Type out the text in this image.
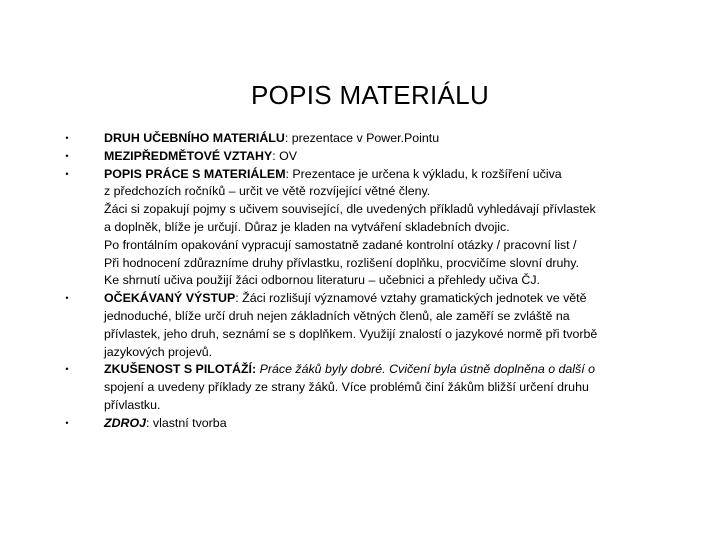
POPIS MATERIÁLU
•	DRUH UČEBNÍHO MATERIÁLU: prezentace v Power.Pointu
•	MEZIPŘEDMĚTOVÉ VZTAHY: OV
•	POPIS PRÁCE S MATERIÁLEM: Prezentace je určena k výkladu, k rozšíření učiva
z předchozích ročníků – určit ve větě rozvíjející větné členy.
Žáci si zopakují pojmy s učivem související, dle uvedených příkladů vyhledávají přívlastek
a doplněk, blíže je určují. Důraz je kladen na vytváření skladebních dvojic.
Po frontálním opakování vypracují samostatně zadané kontrolní otázky / pracovní list /
Při hodnocení zdůrazníme druhy přívlastku, rozlišení doplňku, procvičíme slovní druhy.
Ke shrnutí učiva použijí žáci odbornou literaturu – učebnici a přehledy učiva ČJ.
•	OČEKÁVANÝ VÝSTUP: Žáci rozlišují významové vztahy gramatických jednotek ve větě
jednoduché, blíže určí druh nejen základních větných členů, ale zaměří se zvláště na
přívlastek, jeho druh, seznámí se s doplňkem. Využijí znalostí o jazykové normě při tvorbě
jazykových projevů.
•	ZKUŠENOST S PILOTÁŽÍ: Práce žáků byly dobré. Cvičení byla ústně doplněna o další o
spojení a uvedeny příklady ze strany žáků. Více problémů činí žákům bližší určení druhu
přívlastku.
•	ZDROJ: vlastní tvorba
